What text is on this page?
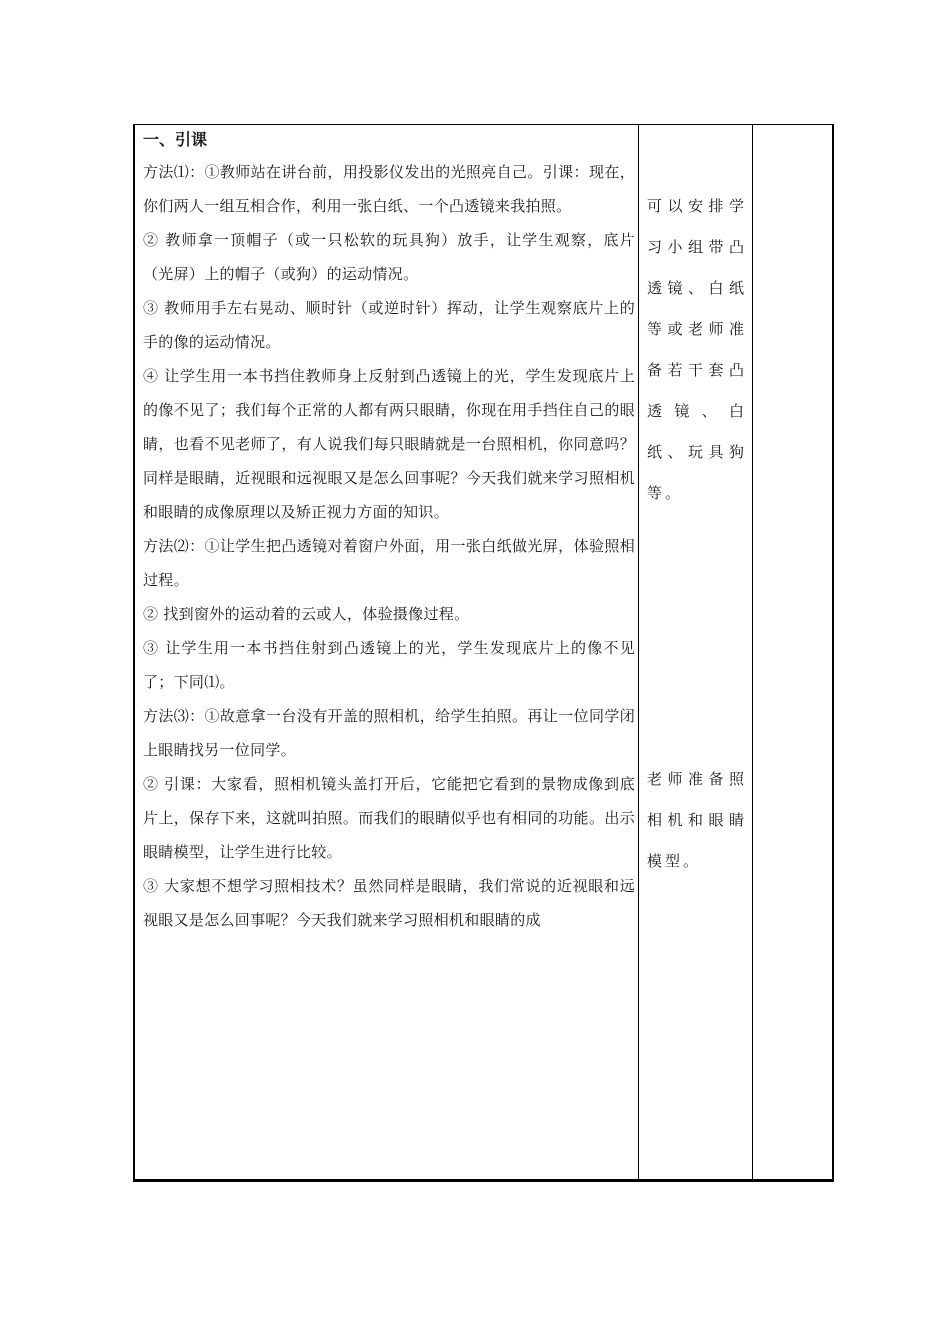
一、引课

方法⑴：①教师站在讲台前，用投影仪发出的光照亮自己。引课：现在，你们两人一组互相合作，利用一张白纸、一个凸透镜来我拍照。

② 教师拿一顶帽子（或一只松软的玩具狗）放手，让学生观察，底片（光屏）上的帽子（或狗）的运动情况。

③ 教师用手左右晃动、顺时针（或逆时针）挥动，让学生观察底片上的手的像的运动情况。

④ 让学生用一本书挡住教师身上反射到凸透镜上的光，学生发现底片上的像不见了；我们每个正常的人都有两只眼睛，你现在用手挡住自己的眼睛，也看不见老师了，有人说我们每只眼睛就是一台照相机，你同意吗？同样是眼睛，近视眼和远视眼又是怎么回事呢？今天我们就来学习照相机和眼睛的成像原理以及矫正视力方面的知识。

方法⑵：①让学生把凸透镜对着窗户外面，用一张白纸做光屏，体验照相过程。

② 找到窗外的运动着的云或人，体验摄像过程。

③ 让学生用一本书挡住射到凸透镜上的光，学生发现底片上的像不见了；下同⑴。

方法⑶：①故意拿一台没有开盖的照相机，给学生拍照。再让一位同学闭上眼睛找另一位同学。

② 引课：大家看，照相机镜头盖打开后，它能把它看到的景物成像到底片上，保存下来，这就叫拍照。而我们的眼睛似乎也有相同的功能。出示眼睛模型，让学生进行比较。

③ 大家想不想学习照相技术？虽然同样是眼睛，我们常说的近视眼和远视眼又是怎么回事呢？今天我们就来学习照相机和眼睛的成

可以安排学习小组带凸透镜、白纸等或老师准备若干套凸透镜、白纸、玩具狗等。
老师准备照相机和眼睛模型。
